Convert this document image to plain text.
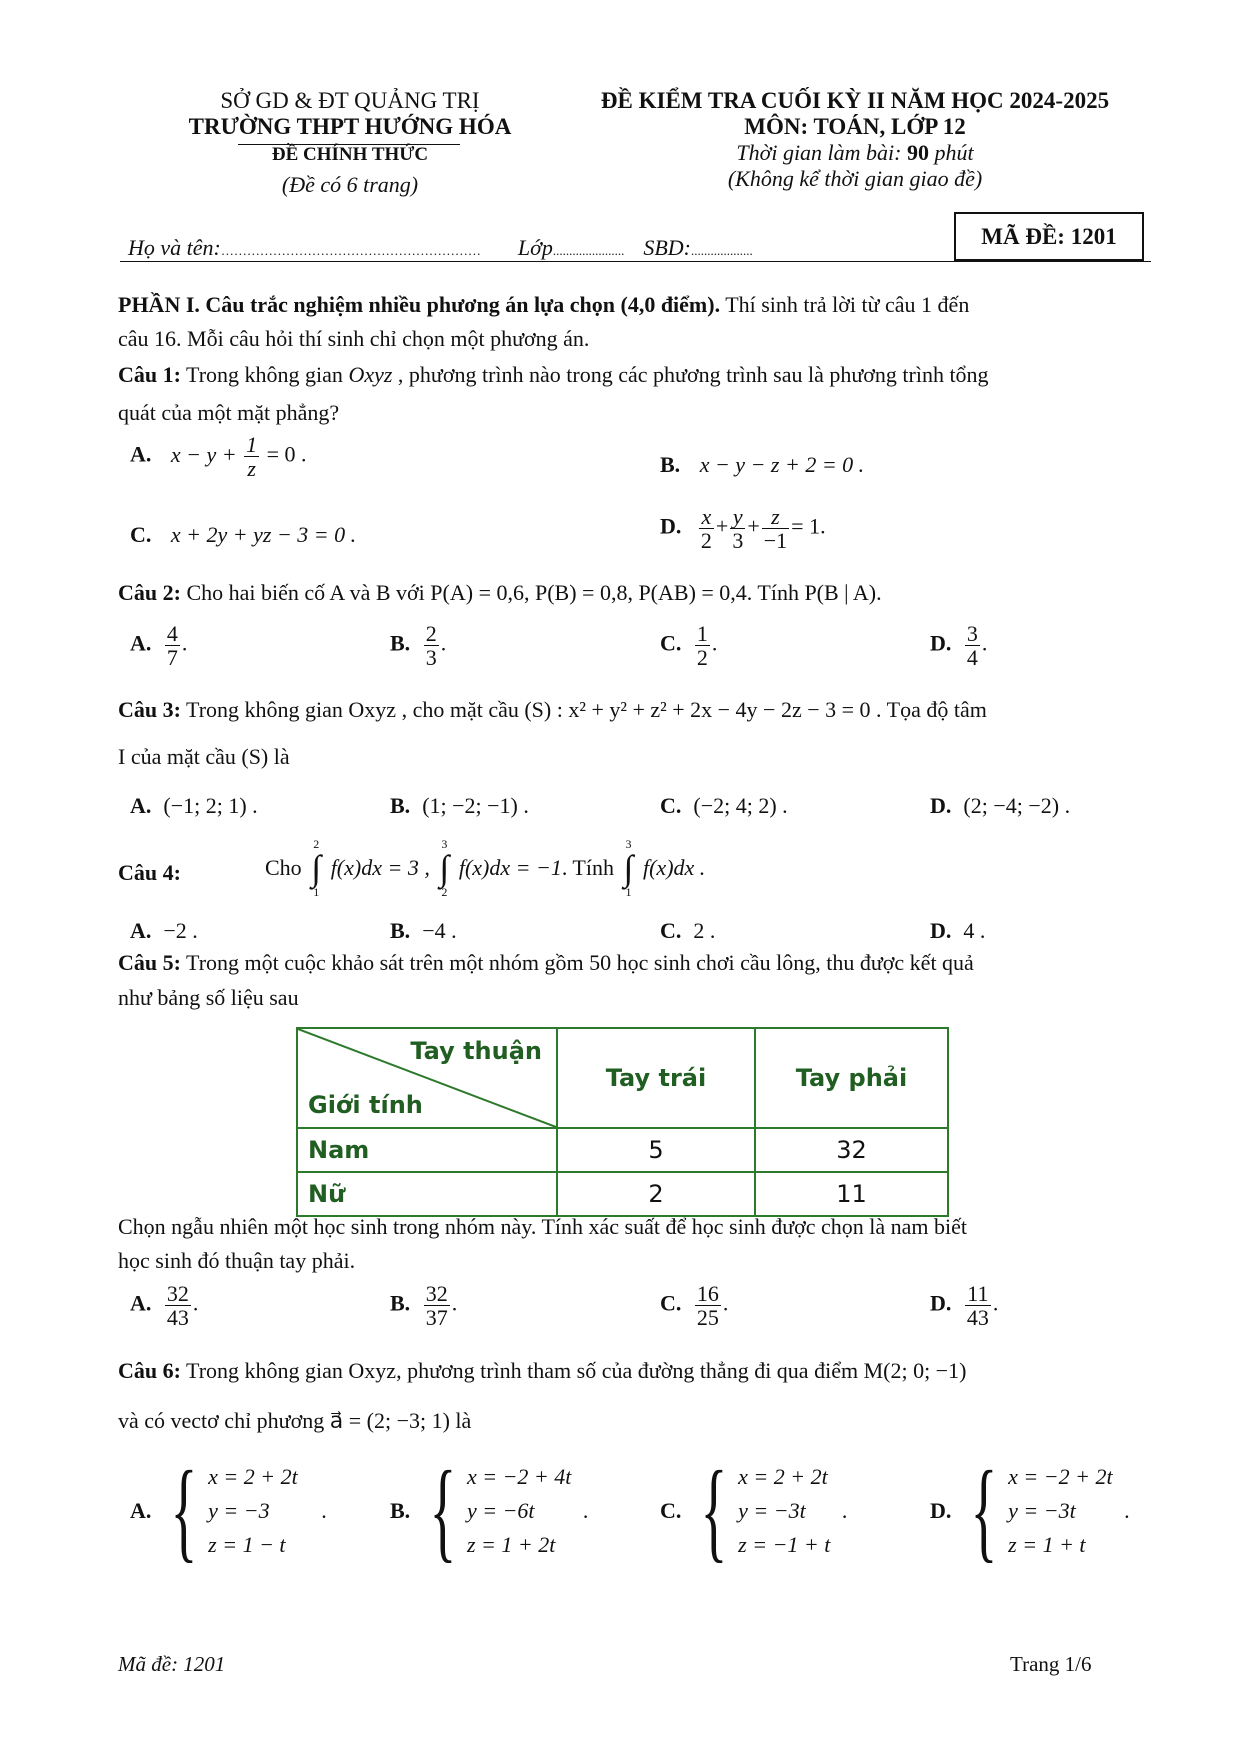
SỞ GD & ĐT QUẢNG TRỊ
TRƯỜNG THPT HƯỚNG HÓA
ĐỀ CHÍNH THỨC
(Đề có 6 trang)
ĐỀ KIỂM TRA CUỐI KỲ II NĂM HỌC 2024-2025
MÔN: TOÁN, LỚP 12
Thời gian làm bài: 90 phút
(Không kể thời gian giao đề)
Họ và tên:…………………………………………………… Lớp...................... SBD:...................
MÃ ĐỀ: 1201
PHẦN I. Câu trắc nghiệm nhiều phương án lựa chọn (4,0 điểm). Thí sinh trả lời từ câu 1 đến
câu 16. Mỗi câu hỏi thí sinh chỉ chọn một phương án.
Câu 1: Trong không gian Oxyz , phương trình nào trong các phương trình sau là phương trình tổng
quát của một mặt phẳng?
A. $x - y + \frac{1}{z} = 0$ .	B. x − y − z + 2 = 0 .
C. x + 2y + yz − 3 = 0 .	D. $\frac{x}{2} + \frac{y}{3} + \frac{z}{-1} = 1$.
Câu 2: Cho hai biến cố A và B với P(A) = 0,6, P(B) = 0,8, P(AB) = 0,4. Tính P(B | A).
A. $\frac{4}{7}$ .	B. $\frac{2}{3}$ .	C. $\frac{1}{2}$ .	D. $\frac{3}{4}$ .
Câu 3: Trong không gian Oxyz , cho mặt cầu (S) : x² + y² + z² + 2x − 4y − 2z − 3 = 0 . Tọa độ tâm
I của mặt cầu (S) là
A. (−1; 2; 1) .	B. (1; −2; −1) .	C. (−2; 4; 2) .	D. (2; −4; −2) .
Câu 4:	Cho
2
∫
1
f(x)dx = 3 ,
3
∫
2
f(x)dx = −1. Tính
3
∫
1
f(x)dx .
A. −2 .	B. −4 .	C. 2 .	D. 4 .
Câu 5: Trong một cuộc khảo sát trên một nhóm gồm 50 học sinh chơi cầu lông, thu được kết quả
như bảng số liệu sau
Tay thuận
Giới tính	Tay trái	Tay phải
Nam	5	32
Nữ	2	11
Chọn ngẫu nhiên một học sinh trong nhóm này. Tính xác suất để học sinh được chọn là nam biết
học sinh đó thuận tay phải.
A. $\frac{32}{43}$ .	B. $\frac{32}{37}$ .	C. $\frac{16}{25}$ .	D. $\frac{11}{43}$ .
Câu 6: Trong không gian Oxyz, phương trình tham số của đường thẳng đi qua điểm M(2; 0; −1)
và có vectơ chỉ phương a⃗ = (2; −3; 1) là
A. { x = 2 + 2t
y = −3
z = 1 − t
.	B. { x = −2 + 4t
y = −6t
z = 1 + 2t
.	C. { x = 2 + 2t
y = −3t
z = −1 + t
.	D. { x = −2 + 2t
y = −3t
z = 1 + t
.
Mã đề: 1201	Trang 1/6
